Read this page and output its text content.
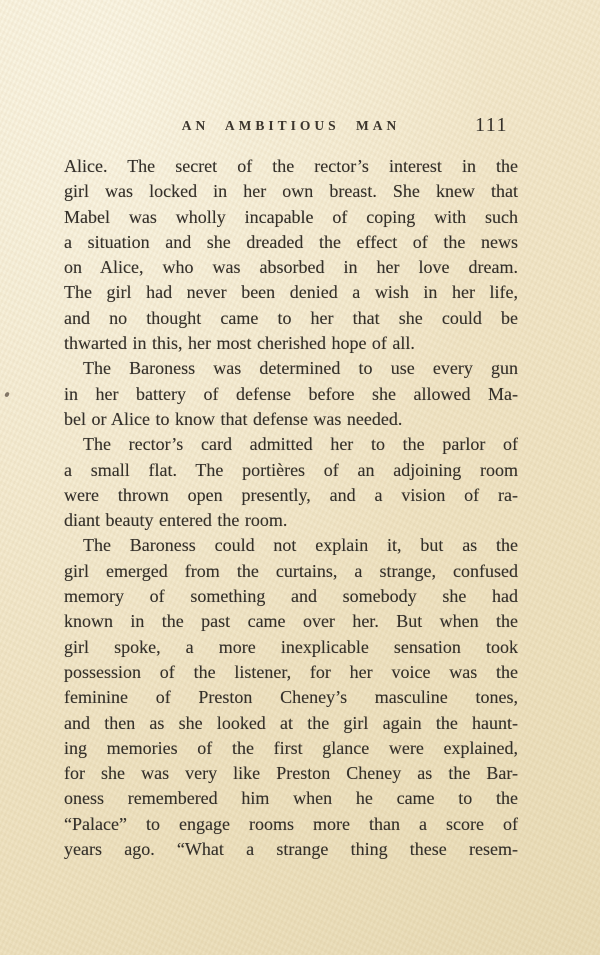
AN AMBITIOUS MAN	111
Alice. The secret of the rector’s interest in the
girl was locked in her own breast. She knew that
Mabel was wholly incapable of coping with such
a situation and she dreaded the effect of the news
on Alice, who was absorbed in her love dream.
The girl had never been denied a wish in her life,
and no thought came to her that she could be
thwarted in this, her most cherished hope of all.
The Baroness was determined to use every gun
in her battery of defense before she allowed Ma-
bel or Alice to know that defense was needed.
The rector’s card admitted her to the parlor of
a small flat. The portières of an adjoining room
were thrown open presently, and a vision of ra-
diant beauty entered the room.
The Baroness could not explain it, but as the
girl emerged from the curtains, a strange, confused
memory of something and somebody she had
known in the past came over her. But when the
girl spoke, a more inexplicable sensation took
possession of the listener, for her voice was the
feminine of Preston Cheney’s masculine tones,
and then as she looked at the girl again the haunt-
ing memories of the first glance were explained,
for she was very like Preston Cheney as the Bar-
oness remembered him when he came to the
“Palace” to engage rooms more than a score of
years ago. “What a strange thing these resem-
